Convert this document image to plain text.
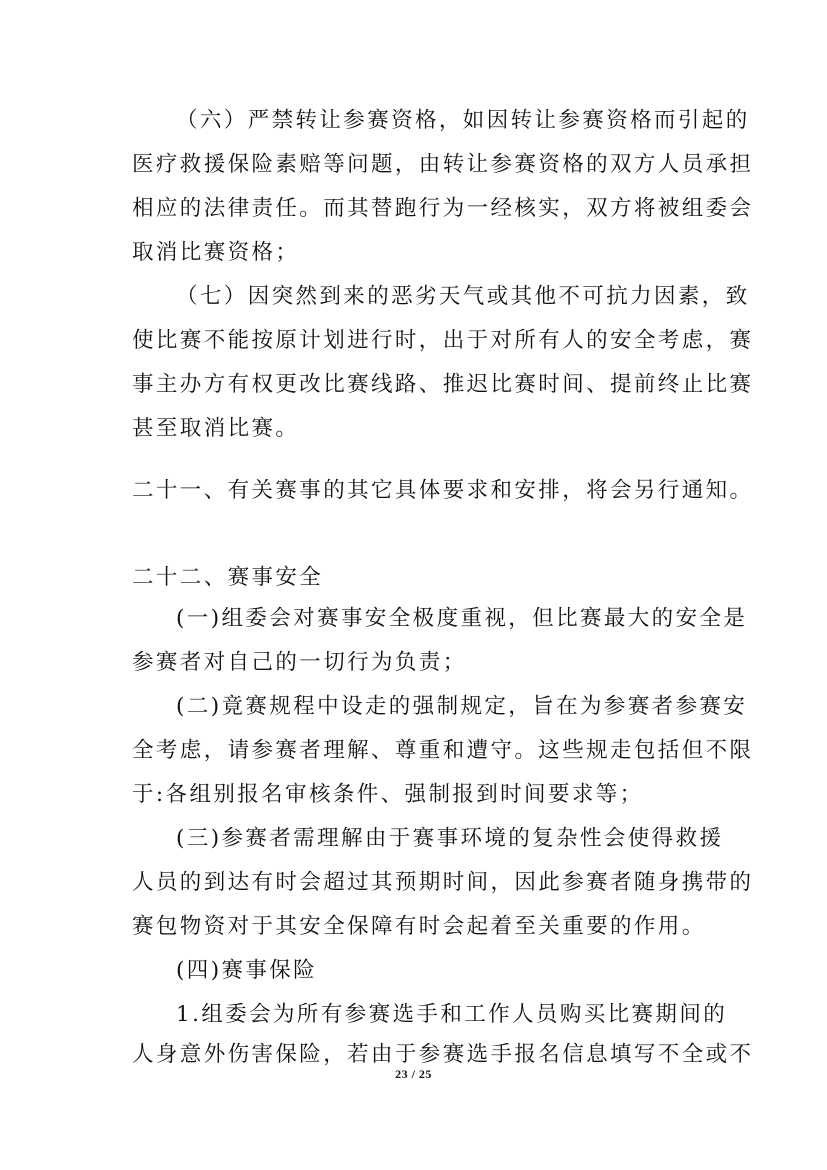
（六）严禁转让参赛资格，如因转让参赛资格而引起的
医疗救援保险素赔等问题，由转让参赛资格的双方人员承担
相应的法律责任。而其替跑行为一经核实，双方将被组委会
取消比赛资格；
（七）因突然到来的恶劣天气或其他不可抗力因素，致
使比赛不能按原计划进行时，出于对所有人的安全考虑，赛
事主办方有权更改比赛线路、推迟比赛时间、提前终止比赛
甚至取消比赛。
二十一、有关赛事的其它具体要求和安排，将会另行通知。
二十二、赛事安全
(一)组委会对赛事安全极度重视，但比赛最大的安全是
参赛者对自己的一切行为负责；
(二)竟赛规程中设走的强制规定，旨在为参赛者参赛安
全考虑，请参赛者理解、尊重和遭守。这些规走包括但不限
于:各组别报名审核条件、强制报到时间要求等；
(三)参赛者需理解由于赛事环境的复杂性会使得救援
人员的到达有时会超过其预期时间，因此参赛者随身携带的
赛包物资对于其安全保障有时会起着至关重要的作用。
(四)赛事保险
1.组委会为所有参赛选手和工作人员购买比赛期间的
人身意外伤害保险，若由于参赛选手报名信息填写不全或不
23 / 25
